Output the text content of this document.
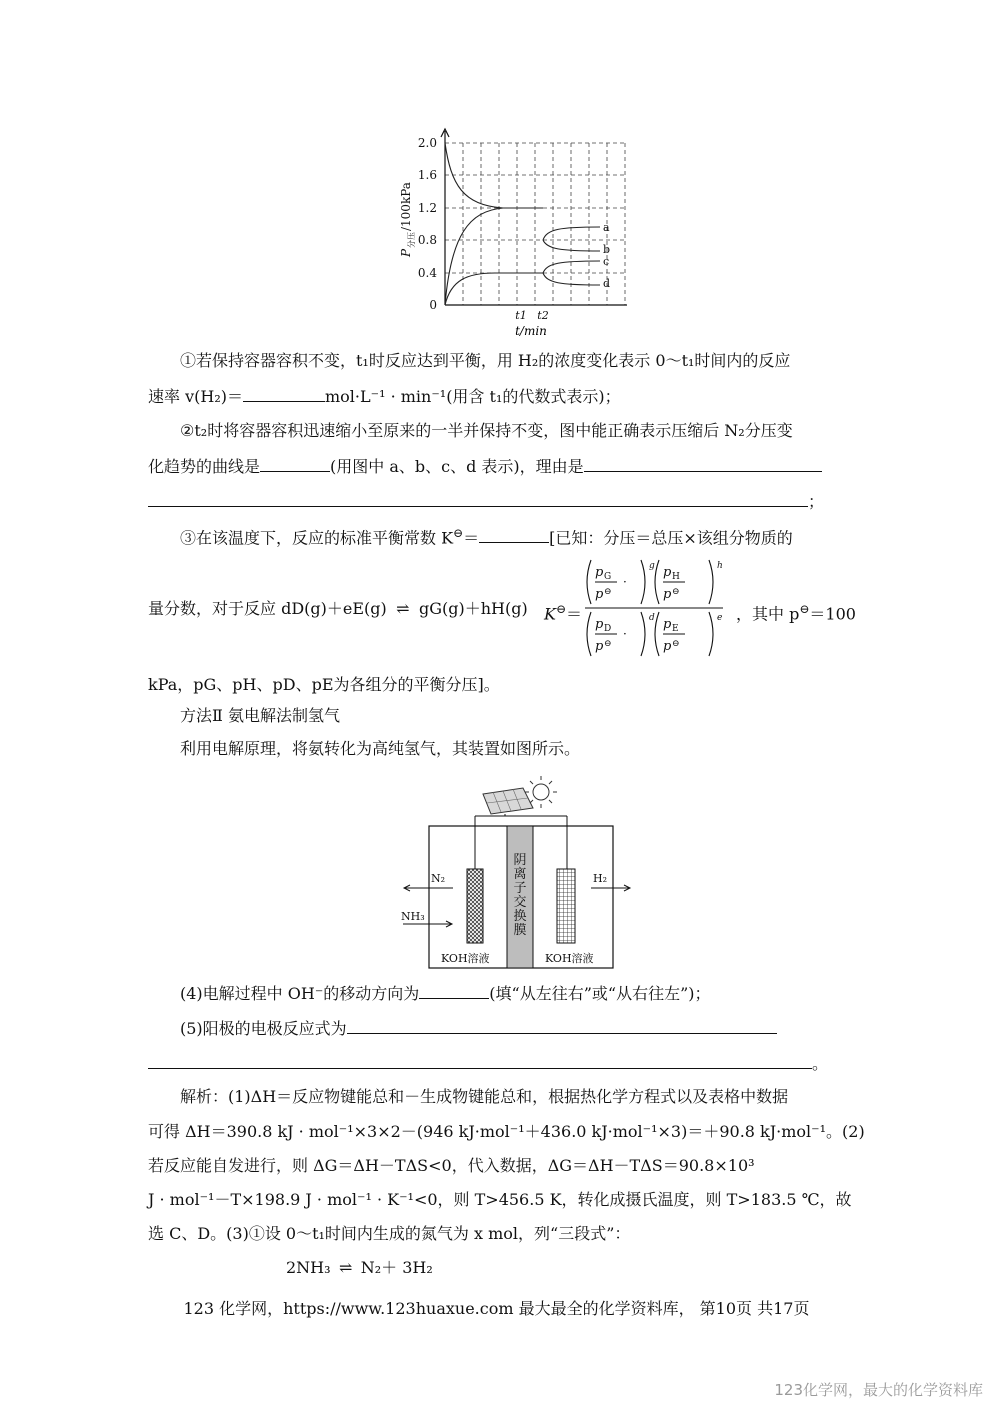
2.0
1.6
1.2
0.8
0.4
0
a
b
c
d
t1 t2
t/min
P
分压
/100kPa
①若保持容器容积不变，t₁时反应达到平衡，用 H₂的浓度变化表示 0～t₁时间内的反应
速率 v(H₂)＝	mol·L⁻¹ · min⁻¹(用含 t₁的代数式表示)；
②t₂时将容器容积迅速缩小至原来的一半并保持不变，图中能正确表示压缩后 N₂分压变
化趋势的曲线是	(用图中 a、b、c、d 表示)，理由是
；
③在该温度下，反应的标准平衡常数 K⊖＝	[已知：分压＝总压×该组分物质的
量分数，对于反应 dD(g)＋eE(g) ⇌ gG(g)＋hH(g) K⊖＝
p G
p ⊖
g p H
p ⊖
h
p D
p ⊖
d p E
p ⊖
e
·
·
，其中 p⊖＝100
kPa，pG、pH、pD、pE为各组分的平衡分压]。
方法Ⅱ 氨电解法制氢气
利用电解原理，将氨转化为高纯氢气，其装置如图所示。
N₂
NH₃
H₂
KOH溶液	KOH溶液
阴
离
子
交
换
膜
(4)电解过程中 OH⁻的移动方向为	(填“从左往右”或“从右往左”)；
(5)阳极的电极反应式为
。
解析：(1)ΔH＝反应物键能总和－生成物键能总和，根据热化学方程式以及表格中数据
可得 ΔH＝390.8 kJ · mol⁻¹×3×2－(946 kJ·mol⁻¹＋436.0 kJ·mol⁻¹×3)＝＋90.8 kJ·mol⁻¹。(2)
若反应能自发进行，则 ΔG＝ΔH－TΔS<0，代入数据，ΔG＝ΔH－TΔS＝90.8×10³
J · mol⁻¹－T×198.9 J · mol⁻¹ · K⁻¹<0，则 T>456.5 K，转化成摄氏温度，则 T>183.5 ℃，故
选 C、D。(3)①设 0～t₁时间内生成的氮气为 x mol，列“三段式”：
2NH₃ ⇌ N₂＋ 3H₂
123 化学网，https://www.123huaxue.com 最大最全的化学资料库， 第10页 共17页
123化学网，最大的化学资料库
